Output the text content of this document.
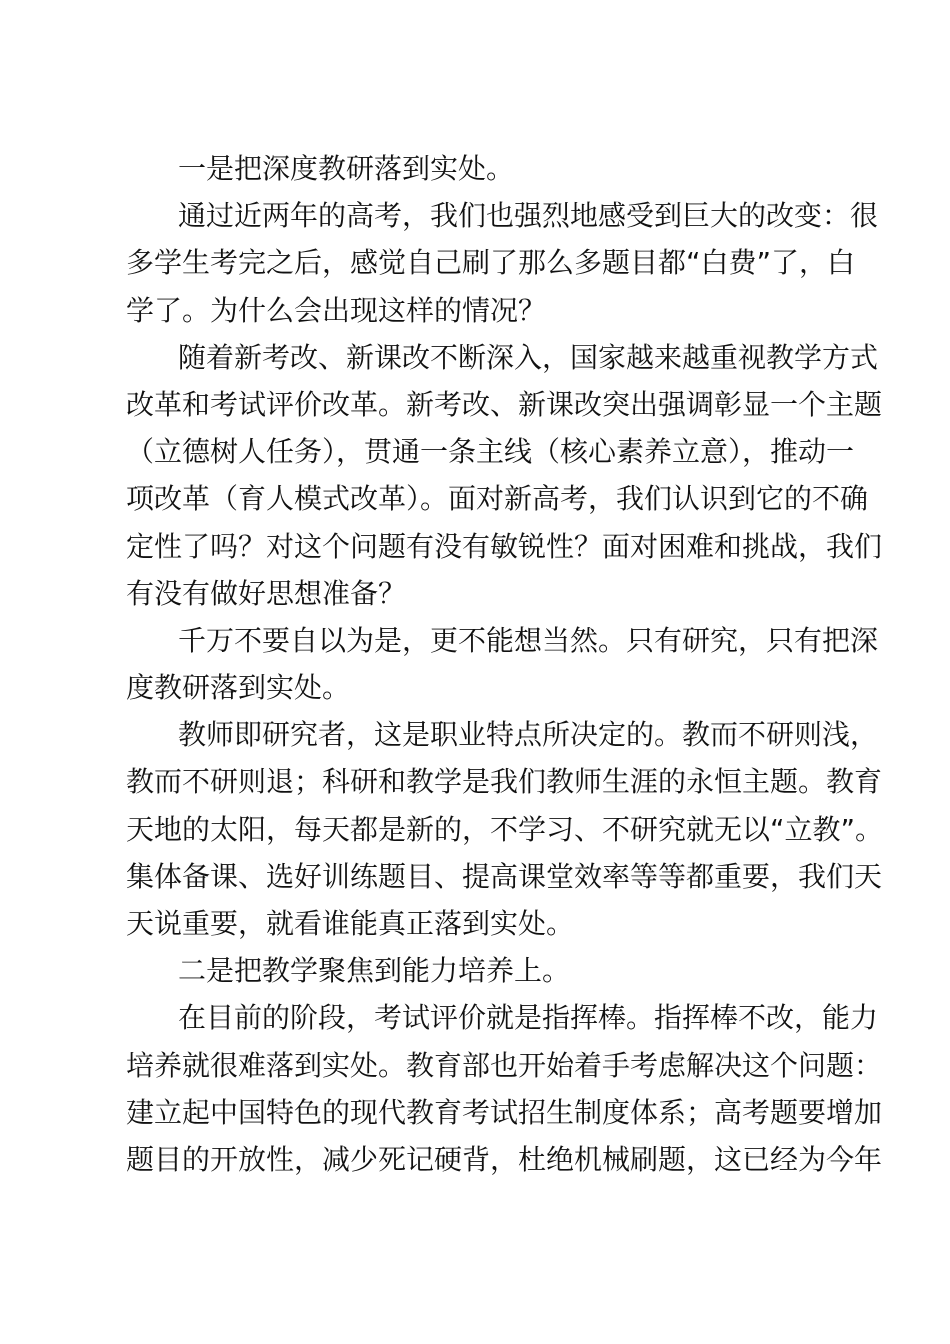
一是把深度教研落到实处。
通过近两年的高考，我们也强烈地感受到巨大的改变：很
多学生考完之后，感觉自己刷了那么多题目都“白费”了，白
学了。为什么会出现这样的情况？
随着新考改、新课改不断深入，国家越来越重视教学方式
改革和考试评价改革。新考改、新课改突出强调彰显一个主题
（立德树人任务），贯通一条主线（核心素养立意），推动一
项改革（育人模式改革）。面对新高考，我们认识到它的不确
定性了吗？对这个问题有没有敏锐性？面对困难和挑战，我们
有没有做好思想准备？
千万不要自以为是，更不能想当然。只有研究，只有把深
度教研落到实处。
教师即研究者，这是职业特点所决定的。教而不研则浅，
教而不研则退；科研和教学是我们教师生涯的永恒主题。教育
天地的太阳，每天都是新的，不学习、不研究就无以“立教”。
集体备课、选好训练题目、提高课堂效率等等都重要，我们天
天说重要，就看谁能真正落到实处。
二是把教学聚焦到能力培养上。
在目前的阶段，考试评价就是指挥棒。指挥棒不改，能力
培养就很难落到实处。教育部也开始着手考虑解决这个问题：
建立起中国特色的现代教育考试招生制度体系；高考题要增加
题目的开放性，减少死记硬背，杜绝机械刷题，这已经为今年
